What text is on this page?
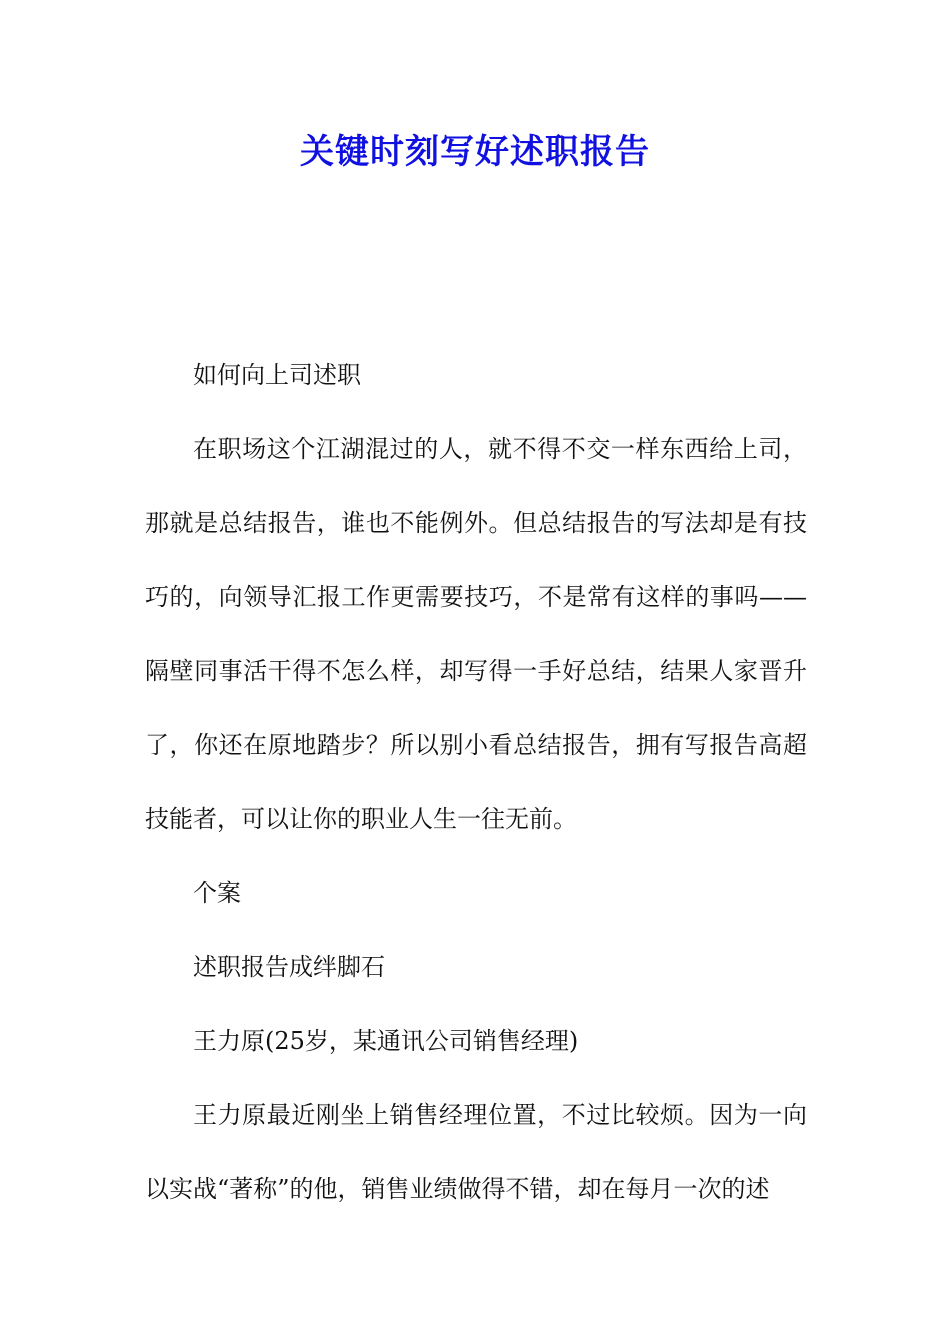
关键时刻写好述职报告

如何向上司述职

在职场这个江湖混过的人，就不得不交一样东西给上司，那就是总结报告，谁也不能例外。但总结报告的写法却是有技巧的，向领导汇报工作更需要技巧，不是常有这样的事吗——隔壁同事活干得不怎么样，却写得一手好总结，结果人家晋升了，你还在原地踏步？所以别小看总结报告，拥有写报告高超技能者，可以让你的职业人生一往无前。

个案

述职报告成绊脚石

王力原(25岁，某通讯公司销售经理)

王力原最近刚坐上销售经理位置，不过比较烦。因为一向以实战“著称”的他，销售业绩做得不错，却在每月一次的述
